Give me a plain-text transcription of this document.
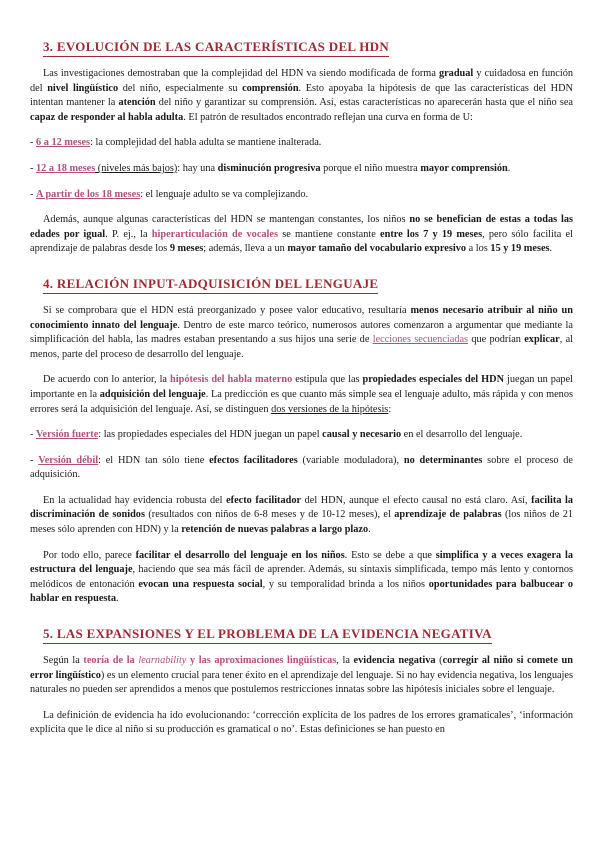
3. EVOLUCIÓN DE LAS CARACTERÍSTICAS DEL HDN

Las investigaciones demostraban que la complejidad del HDN va siendo modificada de forma gradual y cuidadosa en función del nivel lingüístico del niño, especialmente su comprensión. Esto apoyaba la hipótesis de que las características del HDN intentan mantener la atención del niño y garantizar su comprensión. Así, estas características no aparecerán hasta que el niño sea capaz de responder al habla adulta. El patrón de resultados encontrado reflejan una curva en forma de U:

- 6 a 12 meses: la complejidad del habla adulta se mantiene inalterada.

- 12 a 18 meses (niveles más bajos): hay una disminución progresiva porque el niño muestra mayor comprensión.

- A partir de los 18 meses: el lenguaje adulto se va complejizando.

Además, aunque algunas características del HDN se mantengan constantes, los niños no se benefician de estas a todas las edades por igual. P. ej., la hiperarticulación de vocales se mantiene constante entre los 7 y 19 meses, pero sólo facilita el aprendizaje de palabras desde los 9 meses; además, lleva a un mayor tamaño del vocabulario expresivo a los 15 y 19 meses.

4. RELACIÓN INPUT-ADQUISICIÓN DEL LENGUAJE

Si se comprobara que el HDN está preorganizado y posee valor educativo, resultaría menos necesario atribuir al niño un conocimiento innato del lenguaje. Dentro de este marco teórico, numerosos autores comenzaron a argumentar que mediante la simplificación del habla, las madres estaban presentando a sus hijos una serie de lecciones secuenciadas que podrían explicar, al menos, parte del proceso de desarrollo del lenguaje.

De acuerdo con lo anterior, la hipótesis del habla materno estipula que las propiedades especiales del HDN juegan un papel importante en la adquisición del lenguaje. La predicción es que cuanto más simple sea el lenguaje adulto, más rápida y con menos errores será la adquisición del lenguaje. Así, se distinguen dos versiones de la hipótesis:

- Versión fuerte: las propiedades especiales del HDN juegan un papel causal y necesario en el desarrollo del lenguaje.

- Versión débil: el HDN tan sólo tiene efectos facilitadores (variable moduladora), no determinantes sobre el proceso de adquisición.

En la actualidad hay evidencia robusta del efecto facilitador del HDN, aunque el efecto causal no está claro. Así, facilita la discriminación de sonidos (resultados con niños de 6-8 meses y de 10-12 meses), el aprendizaje de palabras (los niños de 21 meses sólo aprenden con HDN) y la retención de nuevas palabras a largo plazo.

Por todo ello, parece facilitar el desarrollo del lenguaje en los niños. Esto se debe a que simplifica y a veces exagera la estructura del lenguaje, haciendo que sea más fácil de aprender. Además, su sintaxis simplificada, tempo más lento y contornos melódicos de entonación evocan una respuesta social, y su temporalidad brinda a los niños oportunidades para balbucear o hablar en respuesta.

5. LAS EXPANSIONES Y EL PROBLEMA DE LA EVIDENCIA NEGATIVA

Según la teoría de la learnability y las aproximaciones lingüísticas, la evidencia negativa (corregir al niño si comete un error lingüístico) es un elemento crucial para tener éxito en el aprendizaje del lenguaje. Si no hay evidencia negativa, los lenguajes naturales no pueden ser aprendidos a menos que postulemos restricciones innatas sobre las hipótesis iniciales sobre el lenguaje.

La definición de evidencia ha ido evolucionando: ‘corrección explícita de los padres de los errores gramaticales’, ‘información explícita que le dice al niño si su producción es gramatical o no’. Estas definiciones se han puesto en
